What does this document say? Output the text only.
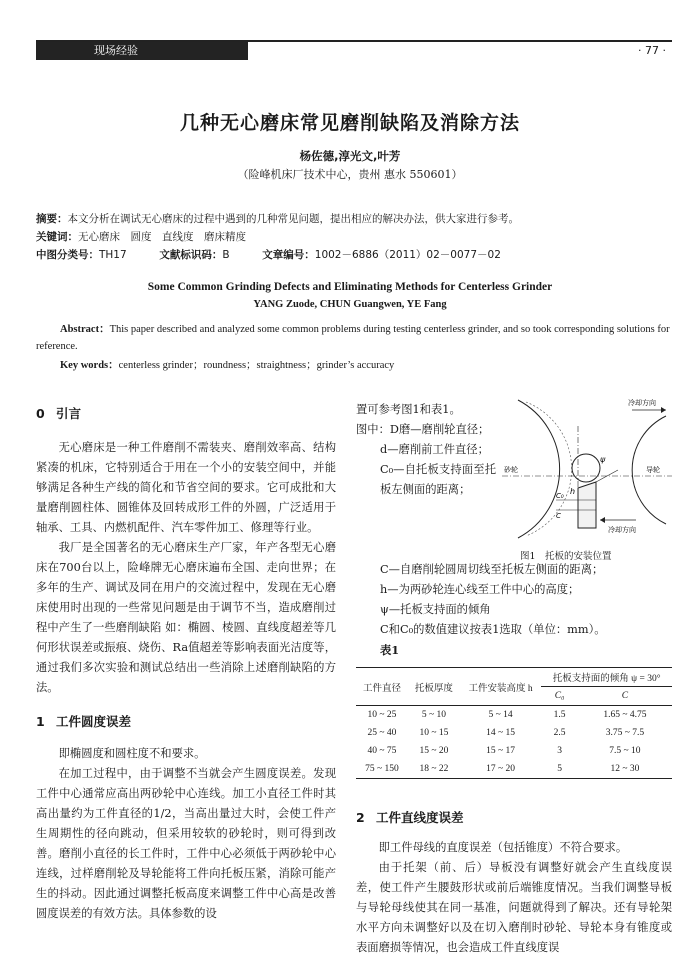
现场经验	· 77 ·
几种无心磨床常见磨削缺陷及消除方法
杨佐德,淳光文,叶芳
（险峰机床厂技术中心，贵州 惠水 550601）
摘要：本文分析在调试无心磨床的过程中遇到的几种常见问题，提出相应的解决办法，供大家进行参考。
关键词：无心磨床　圆度　直线度　磨床精度
中图分类号：TH17	文献标识码：B	文章编号：1002－6886（2011）02－0077－02
Some Common Grinding Defects and Eliminating Methods for Centerless Grinder
YANG Zuode, CHUN Guangwen, YE Fang
Abstract：This paper described and analyzed some common problems during testing centerless grinder, and so took corresponding solutions for reference.
Key words：centerless grinder；roundness；straightness；grinder’s accuracy
0 引言

无心磨床是一种工件磨削不需装夹、磨削效率高、结构紧凑的机床，它特别适合于用在一个小的安装空间中，并能够满足各种生产线的简化和节省空间的要求。它可成批和大量磨削圆柱体、圆锥体及回转成形工件的外圆，广泛适用于轴承、工具、内燃机配件、汽车零件加工、修理等行业。

我厂是全国著名的无心磨床生产厂家，年产各型无心磨床在700台以上，险峰牌无心磨床遍布全国、走向世界；在多年的生产、调试及同在用户的交流过程中，发现在无心磨床使用时出现的一些常见问题是由于调节不当，造成磨削过程中产生了一些磨削缺陷 如：椭圆、棱圆、直线度超差等几何形状误差或振痕、烧伤、Ra值超差等影响表面光洁度等，通过我们多次实验和测试总结出一些消除上述磨削缺陷的方法。

1 工件圆度误差

即椭圆度和圆柱度不和要求。

在加工过程中，由于调整不当就会产生圆度误差。发现工件中心通常应高出两砂轮中心连线。加工小直径工件时其高出量约为工件直径的1/2，当高出量过大时，会使工件产生周期性的径向跳动，但采用较软的砂轮时，则可得到改善。磨削小直径的长工件时，工件中心必须低于两砂轮中心连线，过样磨削轮及导轮能将工件向托板压紧，消除可能产生的抖动。因此通过调整托板高度来调整工件中心高是改善圆度误差的有效方法。具体参数的设

置可参考图1和表1。

图中：D磨—磨削轮直径；

d—磨削前工件直径；

C₀—自托板支持面至托板左侧面的距离；

C—自磨削轮圆周切线至托板左侧面的距离；

h—为两砂轮连心线至工件中心的高度；

ψ—托板支持面的倾角

C和C₀的数值建议按表1选取（单位：mm）。

表1

冷却方向
冷却方向
砂轮	导轮
ψ
h
C₀
C
图1　托板的安装位置
工件直径	托板厚度	工件安装高度 h	托板支持面的倾角 ψ = 30°	
			C₀	C
10 ~ 25	5 ~ 10	5 ~ 14	1.5	1.65 ~ 4.75
25 ~ 40	10 ~ 15	14 ~ 15	2.5	3.75 ~ 7.5
40 ~ 75	15 ~ 20	15 ~ 17	3	7.5 ~ 10
75 ~ 150	18 ~ 22	17 ~ 20	5	12 ~ 30
2 工件直线度误差

即工件母线的直度误差（包括锥度）不符合要求。

由于托架（前、后）导板没有调整好就会产生直线度误差，使工件产生腰鼓形状或前后端锥度情况。当我们调整导板与导轮母线使其在同一基准，问题就得到了解决。还有导轮架水平方向未调整好以及在切入磨削时砂轮、导轮本身有锥度或表面磨损等情况，也会造成工件直线度误
